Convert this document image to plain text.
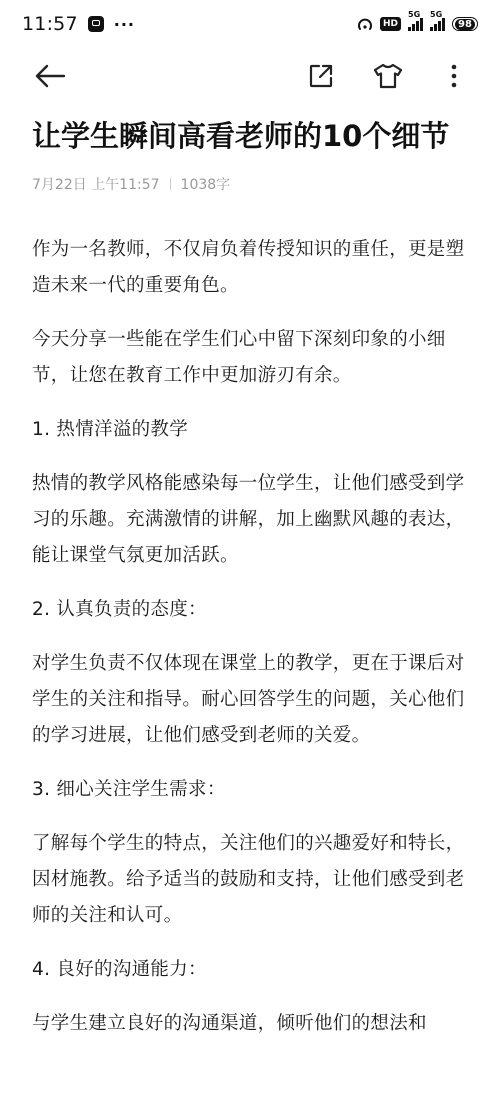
11:57 ···	HD
5G 5G
98
让学生瞬间高看老师的10个细节
7月22日 上午11:57 1038字

作为一名教师，不仅肩负着传授知识的重任，更是塑造未来一代的重要角色。

今天分享一些能在学生们心中留下深刻印象的小细节，让您在教育工作中更加游刃有余。

1. 热情洋溢的教学

热情的教学风格能感染每一位学生，让他们感受到学习的乐趣。充满激情的讲解，加上幽默风趣的表达，能让课堂气氛更加活跃。

2. 认真负责的态度：

对学生负责不仅体现在课堂上的教学，更在于课后对学生的关注和指导。耐心回答学生的问题，关心他们的学习进展，让他们感受到老师的关爱。

3. 细心关注学生需求：

了解每个学生的特点，关注他们的兴趣爱好和特长，因材施教。给予适当的鼓励和支持，让他们感受到老师的关注和认可。

4. 良好的沟通能力：

与学生建立良好的沟通渠道，倾听他们的想法和
